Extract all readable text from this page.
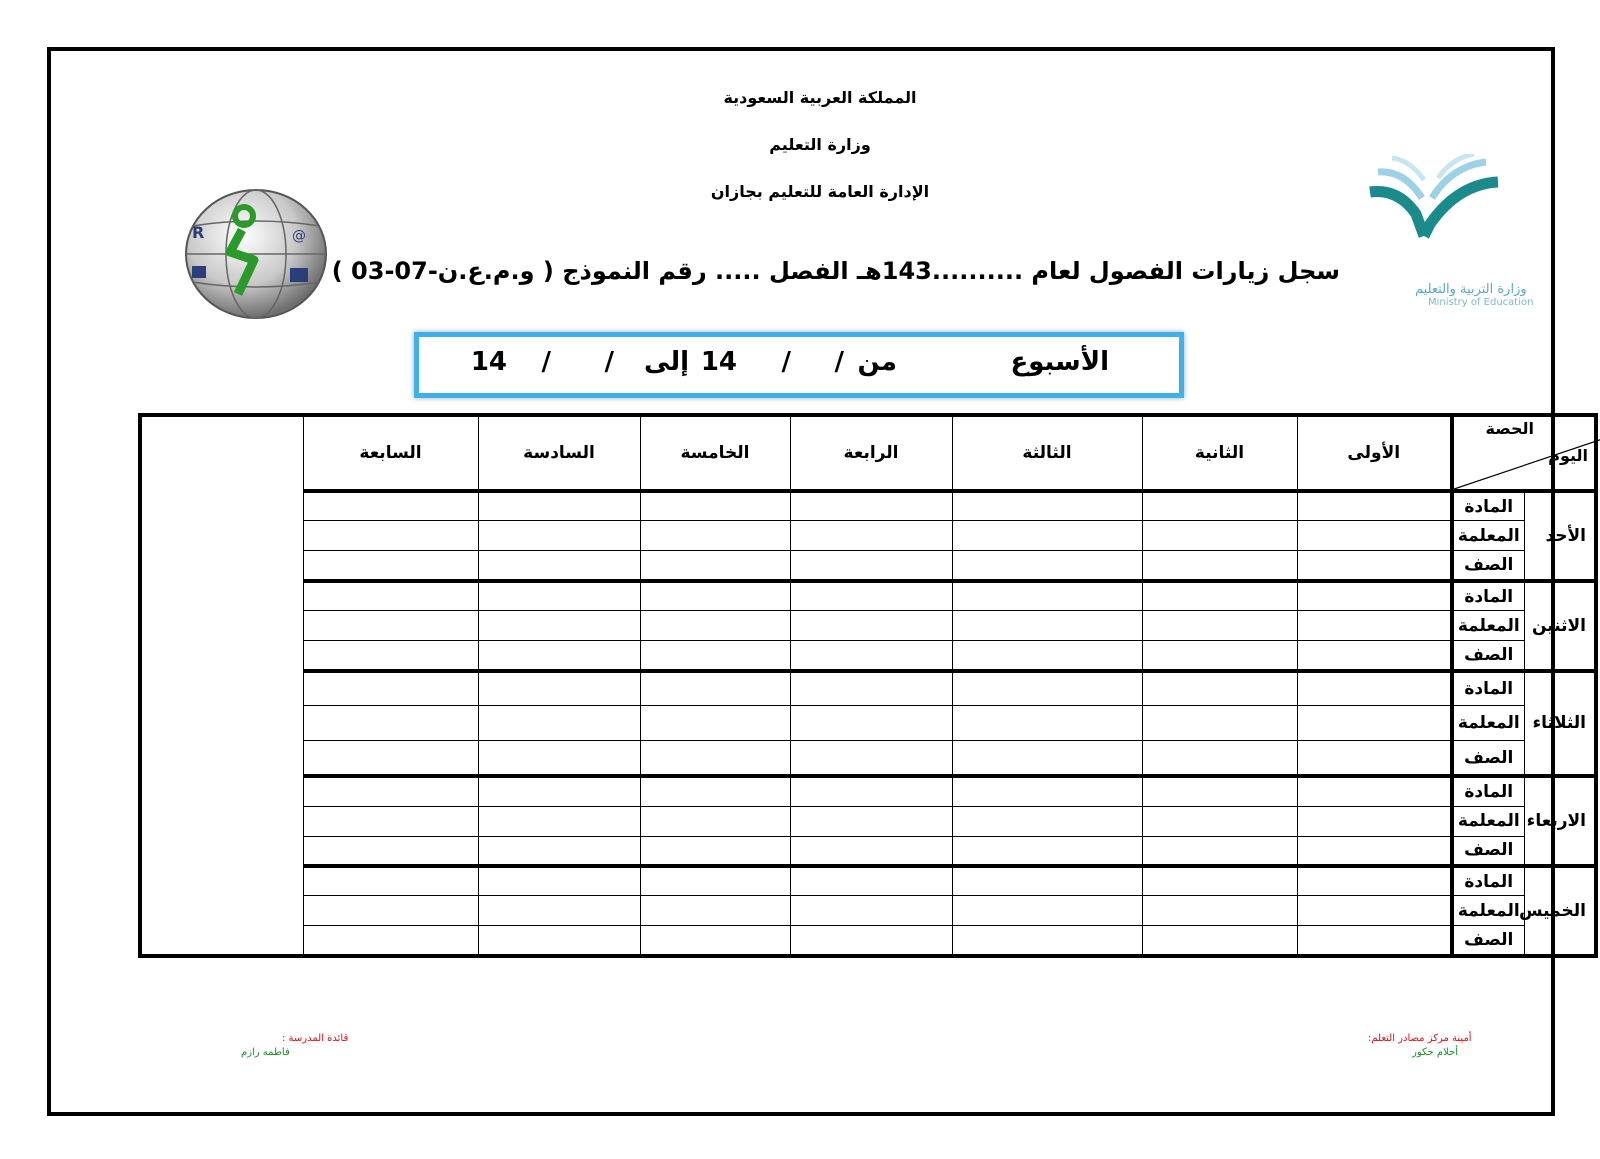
المملكة العربية السعودية
وزارة التعليم
الإدارة العامة للتعليم بجازان
R	@
وزارة التربية والتعليم
Ministry of Education
سجل زيارات الفصول لعام ..........143هـ الفصل ..... رقم النموذج ( و.م.ع.ن-07-03 )
الأسبوع
من
/
/
14
إلى
/
/
14
الحصة
اليوم		الأولى	الثانية	الثالثة	الرابعة	الخامسة	السادسة	السابعة
الأحد	المادة							
	المعلمة							
	الصف							
الاثنين	المادة							
	المعلمة							
	الصف							
الثلاثاء	المادة							
	المعلمة							
	الصف							
الاربعاء	المادة							
	المعلمة							
	الصف							
الخميس	المادة							
	المعلمة							
	الصف							
قائدة المدرسة :
فاطمه رازم
أمينة مركز مصادر التعلم:
أحلام حكور
